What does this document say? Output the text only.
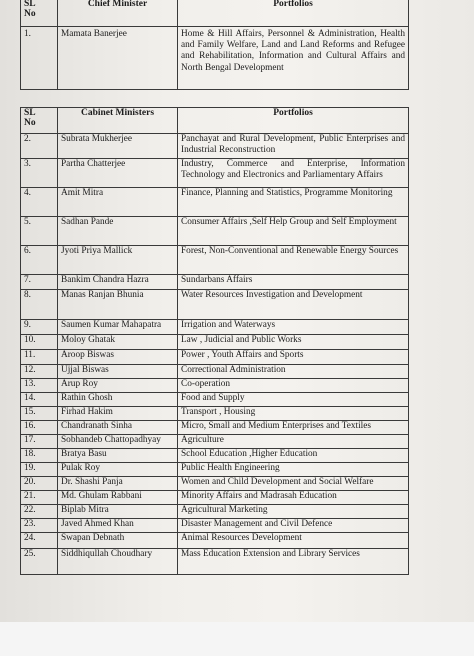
SL
No	Chief Minister	Portfolios
1.	Mamata Banerjee	Home & Hill Affairs, Personnel & Administration, Health and Family Welfare, Land and Land Reforms and Refugee and Rehabilitation, Information and Cultural Affairs and North Bengal Development
SL
No	Cabinet Ministers	Portfolios
2.	Subrata Mukherjee	Panchayat and Rural Development, Public Enterprises and Industrial Reconstruction
3.	Partha Chatterjee	Industry, Commerce and Enterprise, Information Technology and Electronics and Parliamentary Affairs
4.	Amit Mitra	Finance, Planning and Statistics, Programme Monitoring
5.	Sadhan Pande	Consumer Affairs ,Self Help Group and Self Employment
6.	Jyoti Priya Mallick	Forest, Non-Conventional and Renewable Energy Sources
7.	Bankim Chandra Hazra	Sundarbans Affairs
8.	Manas Ranjan Bhunia	Water Resources Investigation and Development
9.	Saumen Kumar Mahapatra	Irrigation and Waterways
10.	Moloy Ghatak	Law , Judicial and Public Works
11.	Aroop Biswas	Power , Youth Affairs and Sports
12.	Ujjal Biswas	Correctional Administration
13.	Arup Roy	Co-operation
14.	Rathin Ghosh	Food and Supply
15.	Firhad Hakim	Transport , Housing
16.	Chandranath Sinha	Micro, Small and Medium Enterprises and Textiles
17.	Sobhandeb Chattopadhyay	Agriculture
18.	Bratya Basu	School Education ,Higher Education
19.	Pulak Roy	Public Health Engineering
20.	Dr. Shashi Panja	Women and Child Development and Social Welfare
21.	Md. Ghulam Rabbani	Minority Affairs and Madrasah Education
22.	Biplab Mitra	Agricultural Marketing
23.	Javed Ahmed Khan	Disaster Management and Civil Defence
24.	Swapan Debnath	Animal Resources Development
25.	Siddhiqullah Choudhary	Mass Education Extension and Library Services
